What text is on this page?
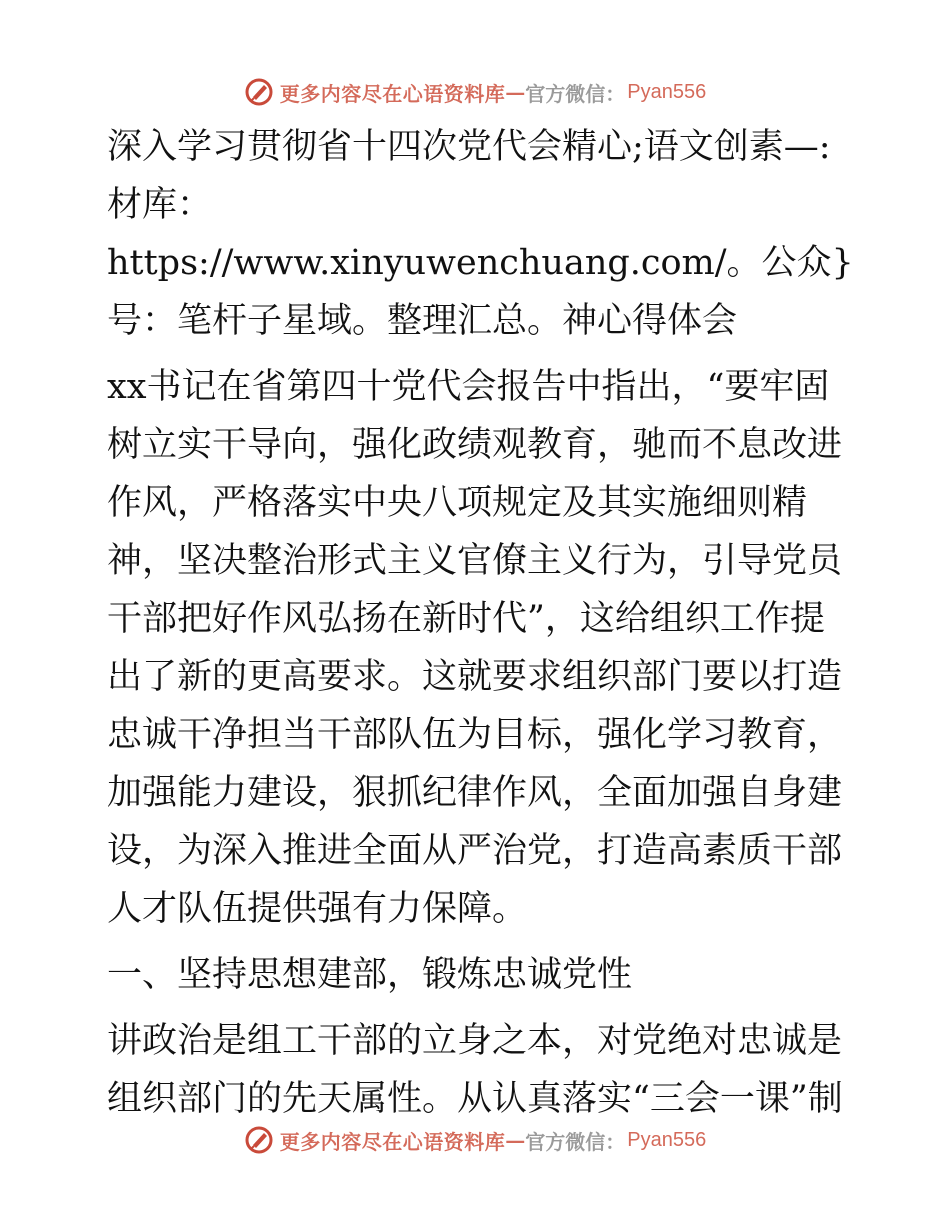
更多内容尽在心语资料库 — 官方微信： Pyan556

深入学习贯彻省十四次党代会精心;语文创素—:材库：https://www.xinyuwenchuang.com/。公众}号：笔杆子星域。整理汇总。神心得体会

xx书记在省第四十党代会报告中指出，“要牢固树立实干导向，强化政绩观教育，驰而不息改进作风，严格落实中央八项规定及其实施细则精神，坚决整治形式主义官僚主义行为，引导党员干部把好作风弘扬在新时代”，这给组织工作提出了新的更高要求。这就要求组织部门要以打造忠诚干净担当干部队伍为目标，强化学习教育，加强能力建设，狠抓纪律作风，全面加强自身建设，为深入推进全面从严治党，打造高素质干部人才队伍提供强有力保障。

一、坚持思想建部，锻炼忠诚党性

讲政治是组工干部的立身之本，对党绝对忠诚是组织部门的先天属性。从认真落实“三会一课”制

更多内容尽在心语资料库 — 官方微信： Pyan556
